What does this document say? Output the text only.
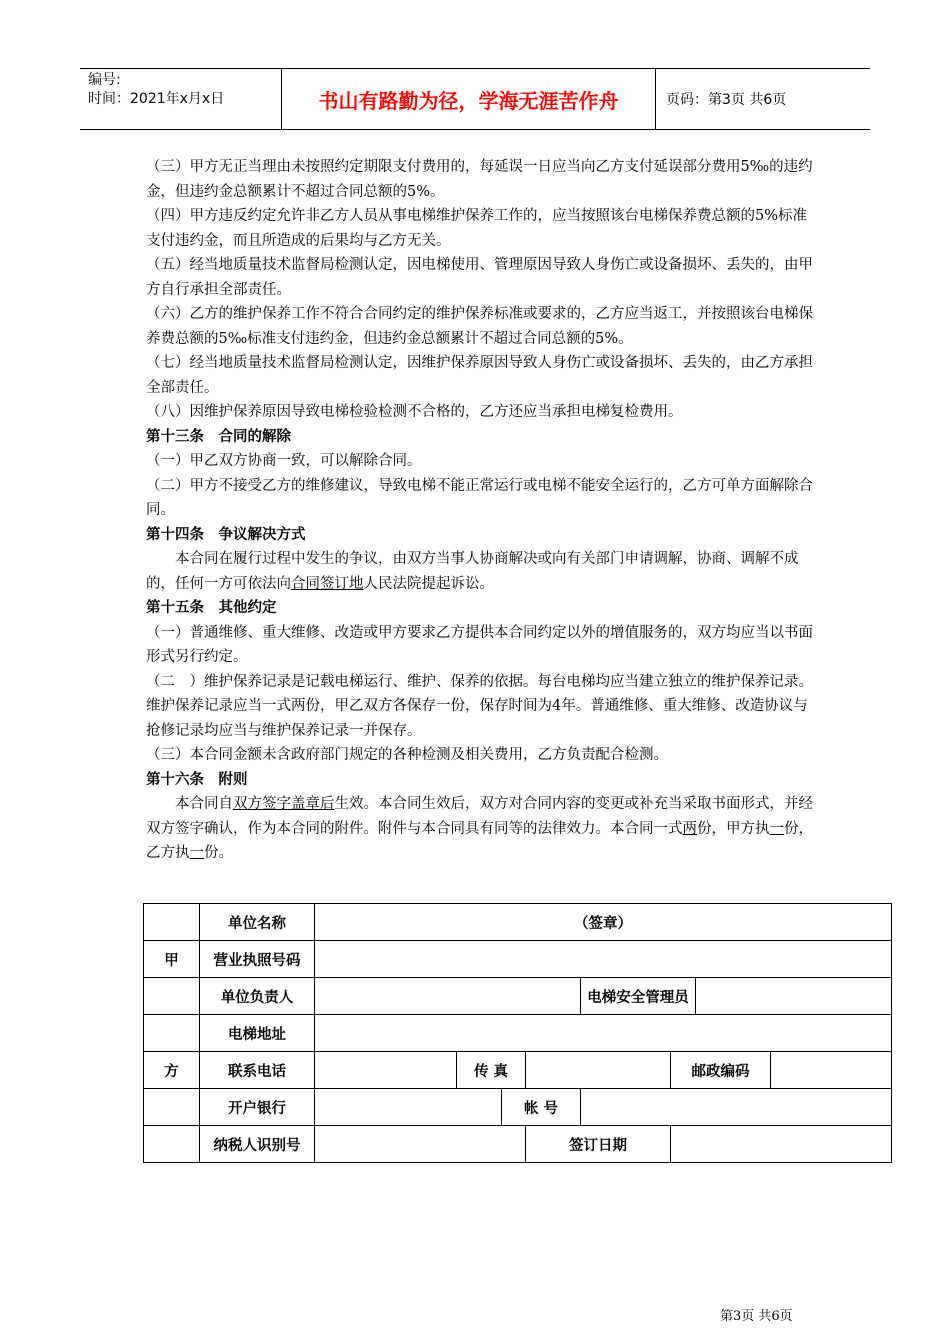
编号:
时间：2021年x月x日	书山有路勤为径，学海无涯苦作舟	页码：第3页 共6页

（三）甲方无正当理由未按照约定期限支付费用的，每延误一日应当向乙方支付延误部分费用5‰的违约金，但违约金总额累计不超过合同总额的5%。

（四）甲方违反约定允许非乙方人员从事电梯维护保养工作的，应当按照该台电梯保养费总额的5%标准支付违约金，而且所造成的后果均与乙方无关。

（五）经当地质量技术监督局检测认定，因电梯使用、管理原因导致人身伤亡或设备损坏、丢失的，由甲方自行承担全部责任。

（六）乙方的维护保养工作不符合合同约定的维护保养标准或要求的，乙方应当返工，并按照该台电梯保养费总额的5‰标准支付违约金，但违约金总额累计不超过合同总额的5%。

（七）经当地质量技术监督局检测认定，因维护保养原因导致人身伤亡或设备损坏、丢失的，由乙方承担全部责任。

（八）因维护保养原因导致电梯检验检测不合格的，乙方还应当承担电梯复检费用。

第十三条　合同的解除

（一）甲乙双方协商一致，可以解除合同。

（二）甲方不接受乙方的维修建议，导致电梯不能正常运行或电梯不能安全运行的，乙方可单方面解除合同。

第十四条　争议解决方式

本合同在履行过程中发生的争议，由双方当事人协商解决或向有关部门申请调解，协商、调解不成的，任何一方可依法向合同签订地人民法院提起诉讼。

第十五条　其他约定

（一）普通维修、重大维修、改造或甲方要求乙方提供本合同约定以外的增值服务的，双方均应当以书面形式另行约定。

（二　）维护保养记录是记载电梯运行、维护、保养的依据。每台电梯均应当建立独立的维护保养记录。维护保养记录应当一式两份，甲乙双方各保存一份，保存时间为4年。普通维修、重大维修、改造协议与抢修记录均应当与维护保养记录一并保存。

（三）本合同金额未含政府部门规定的各种检测及相关费用，乙方负责配合检测。

第十六条　附则

本合同自双方签字盖章后生效。本合同生效后，双方对合同内容的变更或补充当采取书面形式，并经双方签字确认，作为本合同的附件。附件与本合同具有同等的法律效力。本合同一式两份，甲方执一份，乙方执一份。

	单位名称	（签章）							
甲	营业执照号码								
	单位负责人					电梯安全管理员			
	电梯地址								
方	联系电话		传 真				邮政编码		
	开户银行			帐 号					
	纳税人识别号				签订日期				
第3页 共6页
